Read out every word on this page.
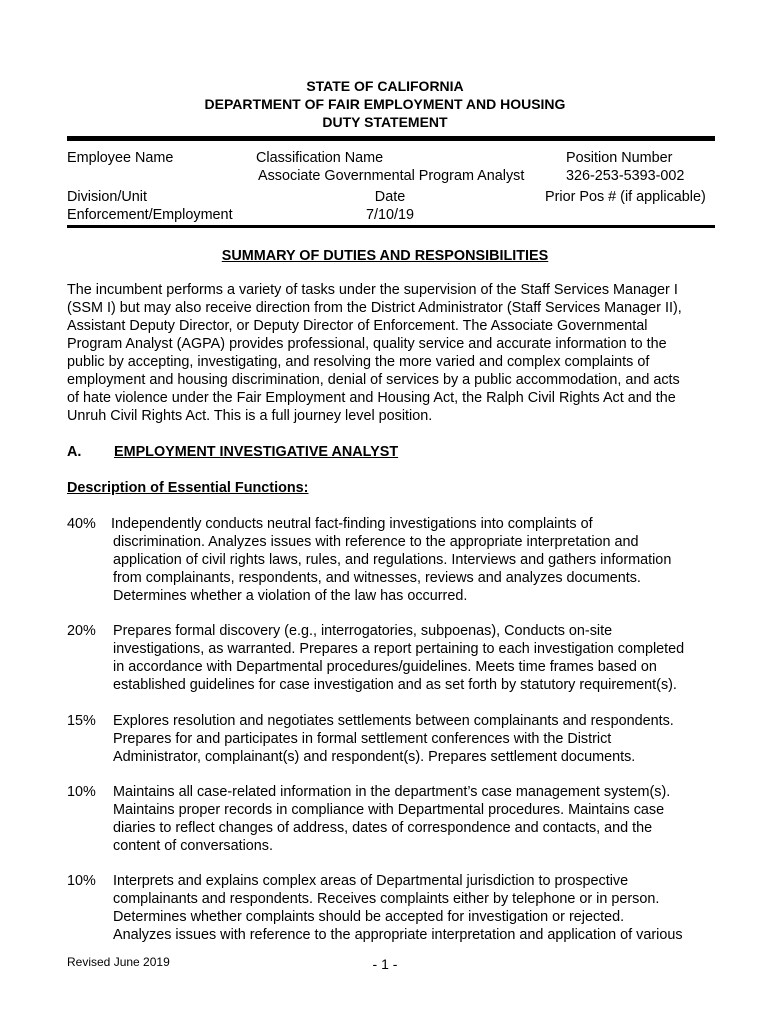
STATE OF CALIFORNIA
DEPARTMENT OF FAIR EMPLOYMENT AND HOUSING
DUTY STATEMENT
Employee Name	Classification Name
Associate Governmental Program Analyst
Position Number
326-253-5393-002
Division/Unit
Enforcement/Employment
Date
7/10/19
Prior Pos # (if applicable)
SUMMARY OF DUTIES AND RESPONSIBILITIES

The incumbent performs a variety of tasks under the supervision of the Staff Services Manager I

(SSM I) but may also receive direction from the District Administrator (Staff Services Manager II),

Assistant Deputy Director, or Deputy Director of Enforcement. The Associate Governmental

Program Analyst (AGPA) provides professional, quality service and accurate information to the

public by accepting, investigating, and resolving the more varied and complex complaints of

employment and housing discrimination, denial of services by a public accommodation, and acts

of hate violence under the Fair Employment and Housing Act, the Ralph Civil Rights Act and the

Unruh Civil Rights Act. This is a full journey level position.

A. EMPLOYMENT INVESTIGATIVE ANALYST
Description of Essential Functions:
40% Independently conducts neutral fact-finding investigations into complaints of
discrimination. Analyzes issues with reference to the appropriate interpretation and
application of civil rights laws, rules, and regulations. Interviews and gathers information
from complainants, respondents, and witnesses, reviews and analyzes documents.
Determines whether a violation of the law has occurred.
20% Prepares formal discovery (e.g., interrogatories, subpoenas), Conducts on-site
investigations, as warranted. Prepares a report pertaining to each investigation completed
in accordance with Departmental procedures/guidelines. Meets time frames based on
established guidelines for case investigation and as set forth by statutory requirement(s).
15% Explores resolution and negotiates settlements between complainants and respondents.
Prepares for and participates in formal settlement conferences with the District
Administrator, complainant(s) and respondent(s). Prepares settlement documents.
10% Maintains all case-related information in the department’s case management system(s).
Maintains proper records in compliance with Departmental procedures. Maintains case
diaries to reflect changes of address, dates of correspondence and contacts, and the
content of conversations.
10% Interprets and explains complex areas of Departmental jurisdiction to prospective
complainants and respondents. Receives complaints either by telephone or in person.
Determines whether complaints should be accepted for investigation or rejected.
Analyzes issues with reference to the appropriate interpretation and application of various
Revised June 2019	- 1 -
